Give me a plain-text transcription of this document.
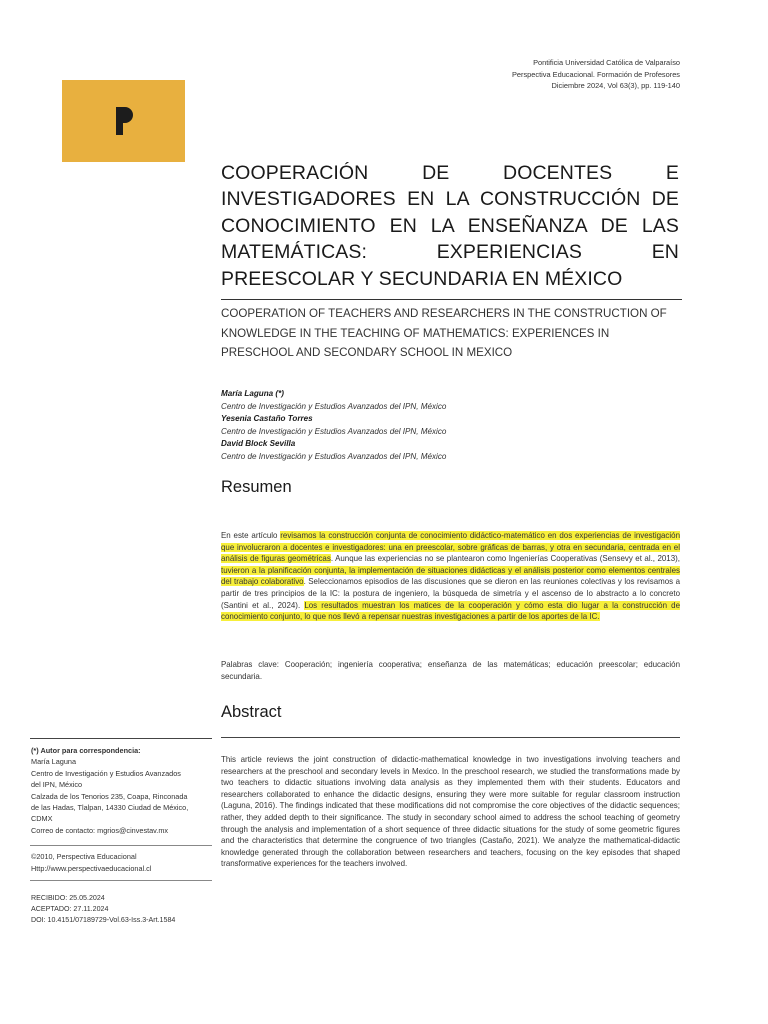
Pontificia Universidad Católica de Valparaíso
Perspectiva Educacional. Formación de Profesores
Diciembre 2024, Vol 63(3), pp. 119-140
COOPERACIÓN DE DOCENTES E INVESTIGADORES EN LA CONSTRUCCIÓN DE CONOCIMIENTO EN LA ENSEÑANZA DE LAS MATEMÁTICAS: EXPERIENCIAS EN PREESCOLAR Y SECUNDARIA EN MÉXICO
COOPERATION OF TEACHERS AND RESEARCHERS IN THE CONSTRUCTION OF KNOWLEDGE IN THE TEACHING OF MATHEMATICS: EXPERIENCES IN PRESCHOOL AND SECONDARY SCHOOL IN MEXICO
María Laguna (*)
Centro de Investigación y Estudios Avanzados del IPN, México
Yesenia Castaño Torres
Centro de Investigación y Estudios Avanzados del IPN, México
David Block Sevilla
Centro de Investigación y Estudios Avanzados del IPN, México
Resumen

En este artículo revisamos la construcción conjunta de conocimiento didáctico-matemático en dos experiencias de investigación que involucraron a docentes e investigadores: una en preescolar, sobre gráficas de barras, y otra en secundaria, centrada en el análisis de figuras geométricas. Aunque las experiencias no se plantearon como Ingenierías Cooperativas (Sensevy et al., 2013), tuvieron a la planificación conjunta, la implementación de situaciones didácticas y el análisis posterior como elementos centrales del trabajo colaborativo. Seleccionamos episodios de las discusiones que se dieron en las reuniones colectivas y los revisamos a partir de tres principios de la IC: la postura de ingeniero, la búsqueda de simetría y el ascenso de lo abstracto a lo concreto (Santini et al., 2024). Los resultados muestran los matices de la cooperación y cómo esta dio lugar a la construcción de conocimiento conjunto, lo que nos llevó a repensar nuestras investigaciones a partir de los aportes de la IC.

Palabras clave: Cooperación; ingeniería cooperativa; enseñanza de las matemáticas; educación preescolar; educación secundaria.

Abstract
(*) Autor para correspondencia:
María Laguna
Centro de Investigación y Estudios Avanzados
del IPN, México
Calzada de los Tenorios 235, Coapa, Rinconada
de las Hadas, Tlalpan, 14330 Ciudad de México,
CDMX
Correo de contacto: mgrios@cinvestav.mx
©2010, Perspectiva Educacional
Http://www.perspectivaeducacional.cl
RECIBIDO: 25.05.2024
ACEPTADO: 27.11.2024
DOI: 10.4151/07189729-Vol.63-Iss.3-Art.1584

This article reviews the joint construction of didactic-mathematical knowledge in two investigations involving teachers and researchers at the preschool and secondary levels in Mexico. In the preschool research, we studied the transformations made by two teachers to didactic situations involving data analysis as they implemented them with their students. Educators and researchers collaborated to enhance the didactic designs, ensuring they were more suitable for regular classroom instruction (Laguna, 2016). The findings indicated that these modifications did not compromise the core objectives of the didactic sequences; rather, they added depth to their significance. The study in secondary school aimed to address the school teaching of geometry through the analysis and implementation of a short sequence of three didactic situations for the study of some geometric figures and the characteristics that determine the congruence of two triangles (Castaño, 2021). We analyze the mathematical-didactic knowledge generated through the collaboration between researchers and teachers, focusing on the key episodes that shaped transformative experiences for the teachers involved.
